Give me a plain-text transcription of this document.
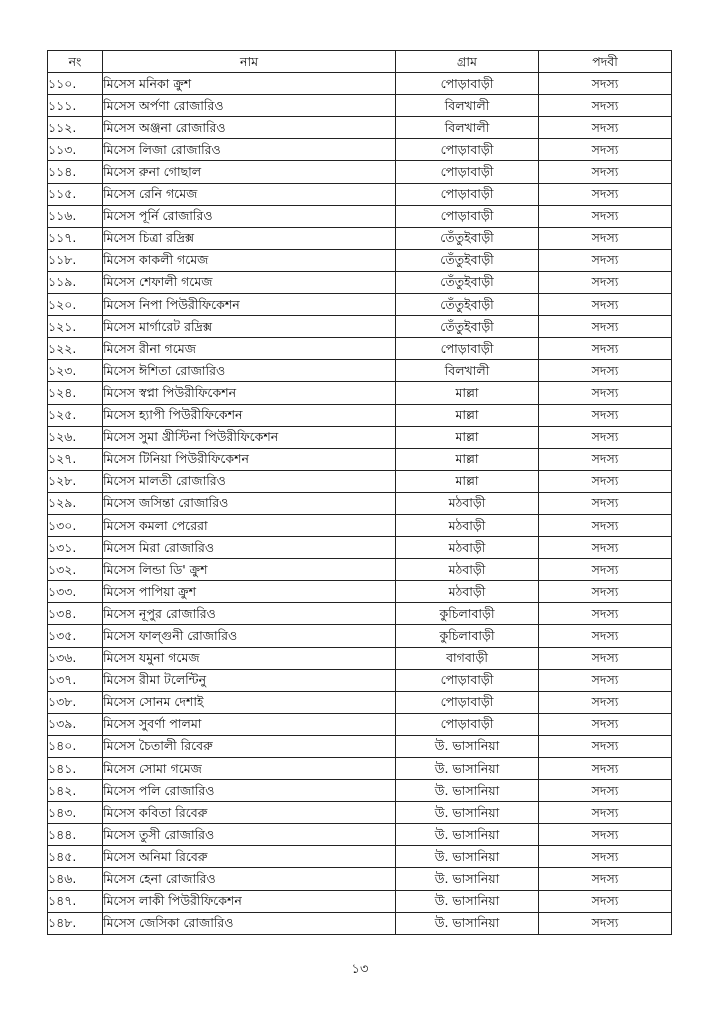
নং	নাম	গ্রাম	পদবী
১১০.	মিসেস মনিকা ক্রুশ	পোড়াবাড়ী	সদস্য
১১১.	মিসেস অর্পণা রোজারিও	বিলখালী	সদস্য
১১২.	মিসেস অঞ্জনা রোজারিও	বিলখালী	সদস্য
১১৩.	মিসেস লিজা রোজারিও	পোড়াবাড়ী	সদস্য
১১৪.	মিসেস রুনা গোছাল	পোড়াবাড়ী	সদস্য
১১৫.	মিসেস রেনি গমেজ	পোড়াবাড়ী	সদস্য
১১৬.	মিসেস পূর্নি রোজারিও	পোড়াবাড়ী	সদস্য
১১৭.	মিসেস চিত্রা রদ্রিক্স	তেঁতুইবাড়ী	সদস্য
১১৮.	মিসেস কাকলী গমেজ	তেঁতুইবাড়ী	সদস্য
১১৯.	মিসেস শেফালী গমেজ	তেঁতুইবাড়ী	সদস্য
১২০.	মিসেস নিপা পিউরীফিকেশন	তেঁতুইবাড়ী	সদস্য
১২১.	মিসেস মার্গারেট রদ্রিক্স	তেঁতুইবাড়ী	সদস্য
১২২.	মিসেস রীনা গমেজ	পোড়াবাড়ী	সদস্য
১২৩.	মিসেস ঈশিতা রোজারিও	বিলখালী	সদস্য
১২৪.	মিসেস স্বপ্না পিউরীফিকেশন	মাল্লা	সদস্য
১২৫.	মিসেস হ্যাপী পিউরীফিকেশন	মাল্লা	সদস্য
১২৬.	মিসেস সুমা খ্রীস্টিনা পিউরীফিকেশন	মাল্লা	সদস্য
১২৭.	মিসেস টিনিয়া পিউরীফিকেশন	মাল্লা	সদস্য
১২৮.	মিসেস মালতী রোজারিও	মাল্লা	সদস্য
১২৯.	মিসেস জসিন্তা রোজারিও	মঠবাড়ী	সদস্য
১৩০.	মিসেস কমলা পেরেরা	মঠবাড়ী	সদস্য
১৩১.	মিসেস মিরা রোজারিও	মঠবাড়ী	সদস্য
১৩২.	মিসেস লিন্ডা ডি' ক্রুশ	মঠবাড়ী	সদস্য
১৩৩.	মিসেস পাপিয়া ক্রুশ	মঠবাড়ী	সদস্য
১৩৪.	মিসেস নূপুর রোজারিও	কুচিলাবাড়ী	সদস্য
১৩৫.	মিসেস ফাল্গুনী রোজারিও	কুচিলাবাড়ী	সদস্য
১৩৬.	মিসেস যমুনা গমেজ	বাগবাড়ী	সদস্য
১৩৭.	মিসেস রীমা টলেন্টিনু	পোড়াবাড়ী	সদস্য
১৩৮.	মিসেস সোনম দেশাই	পোড়াবাড়ী	সদস্য
১৩৯.	মিসেস সুবর্ণা পালমা	পোড়াবাড়ী	সদস্য
১৪০.	মিসেস চৈতালী রিবেরু	উ. ভাসানিয়া	সদস্য
১৪১.	মিসেস সোমা গমেজ	উ. ভাসানিয়া	সদস্য
১৪২.	মিসেস পলি রোজারিও	উ. ভাসানিয়া	সদস্য
১৪৩.	মিসেস কবিতা রিবেরু	উ. ভাসানিয়া	সদস্য
১৪৪.	মিসেস তুসী রোজারিও	উ. ভাসানিয়া	সদস্য
১৪৫.	মিসেস অনিমা রিবেরু	উ. ভাসানিয়া	সদস্য
১৪৬.	মিসেস হেনা রোজারিও	উ. ভাসানিয়া	সদস্য
১৪৭.	মিসেস লাকী পিউরীফিকেশন	উ. ভাসানিয়া	সদস্য
১৪৮.	মিসেস জেসিকা রোজারিও	উ. ভাসানিয়া	সদস্য
১৩
